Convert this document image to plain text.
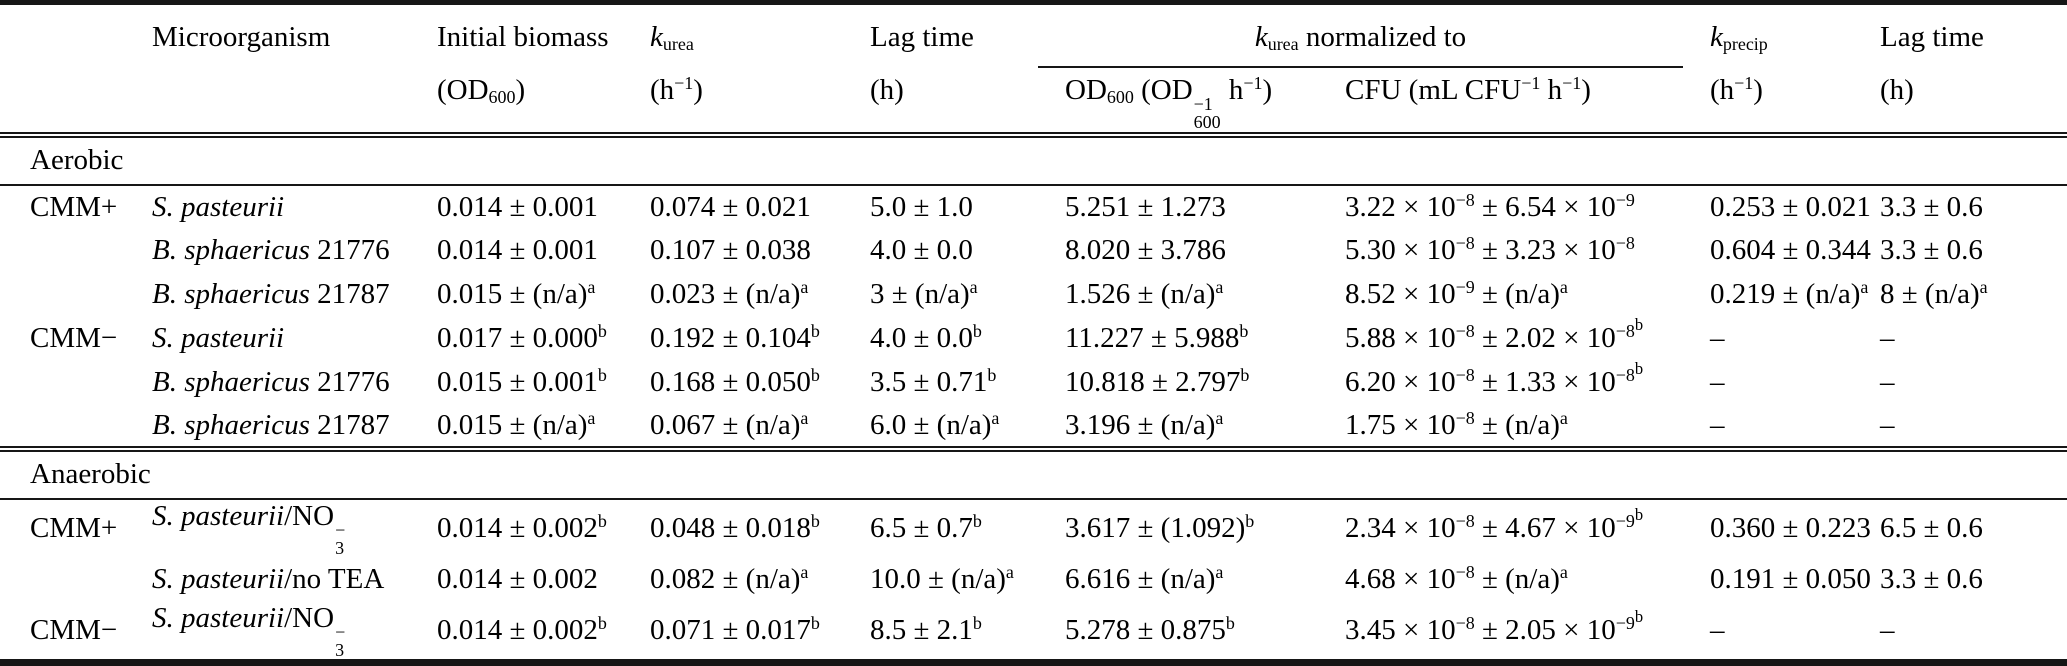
	Microorganism	Initial biomass	kurea	Lag time	kurea normalized to		kprecip	Lag time
		(OD600)	$(h^{-1})$	(h)	OD600 (OD −1
600
$h^{-1}$)	CFU (mL $CFU^{-1}$ $h^{-1}$)	$(h^{-1})$	(h)
Aerobic								
CMM+	S. pasteurii	0.014 ± 0.001	0.074 ± 0.021	5.0 ± 1.0	5.251 ± 1.273	$3.22 \times 10^{-8} \pm 6.54 \times 10^{-9}$	0.253 ± 0.021	3.3 ± 0.6
	B. sphaericus 21776	0.014 ± 0.001	0.107 ± 0.038	4.0 ± 0.0	8.020 ± 3.786	$5.30 \times 10^{-8} \pm 3.23 \times 10^{-8}$	0.604 ± 0.344	3.3 ± 0.6
	B. sphaericus 21787	$0.015 \pm (n/a)^a$	$0.023 \pm (n/a)^a$	$3 \pm (n/a)^a$	$1.526 \pm (n/a)^a$	$8.52 \times 10^{-9} \pm (n/a)^a$	$0.219 \pm (n/a)^a$	$8 \pm (n/a)^a$
CMM−	S. pasteurii	0.017 ± 0.000$^b$	0.192 ± 0.104$^b$	4.0 ± 0.0$^b$	11.227 ± 5.988$^b$	$5.88 \times 10^{-8} \pm 2.02 \times 10^{-8b}$	–	–
	B. sphaericus 21776	0.015 ± 0.001$^b$	0.168 ± 0.050$^b$	3.5 ± 0.71$^b$	10.818 ± 2.797$^b$	$6.20 \times 10^{-8} \pm 1.33 \times 10^{-8b}$	–	–
	B. sphaericus 21787	$0.015 \pm (n/a)^a$	$0.067 \pm (n/a)^a$	$6.0 \pm (n/a)^a$	$3.196 \pm (n/a)^a$	$1.75 \times 10^{-8} \pm (n/a)^a$	–	–
Anaerobic								
CMM+	S. pasteurii/NO −
3	0.014 ± 0.002$^b$	0.048 ± 0.018$^b$	6.5 ± 0.7$^b$	$3.617 \pm (1.092)^b$	$2.34 \times 10^{-8} \pm 4.67 \times 10^{-9b}$	0.360 ± 0.223	6.5 ± 0.6
	S. pasteurii/no TEA	0.014 ± 0.002	$0.082 \pm (n/a)^a$	$10.0 \pm (n/a)^a$	$6.616 \pm (n/a)^a$	$4.68 \times 10^{-8} \pm (n/a)^a$	0.191 ± 0.050	3.3 ± 0.6
CMM−	S. pasteurii/NO −
3	0.014 ± 0.002$^b$	0.071 ± 0.017$^b$	8.5 ± 2.1$^b$	5.278 ± 0.875$^b$	$3.45 \times 10^{-8} \pm 2.05 \times 10^{-9b}$	–	–
